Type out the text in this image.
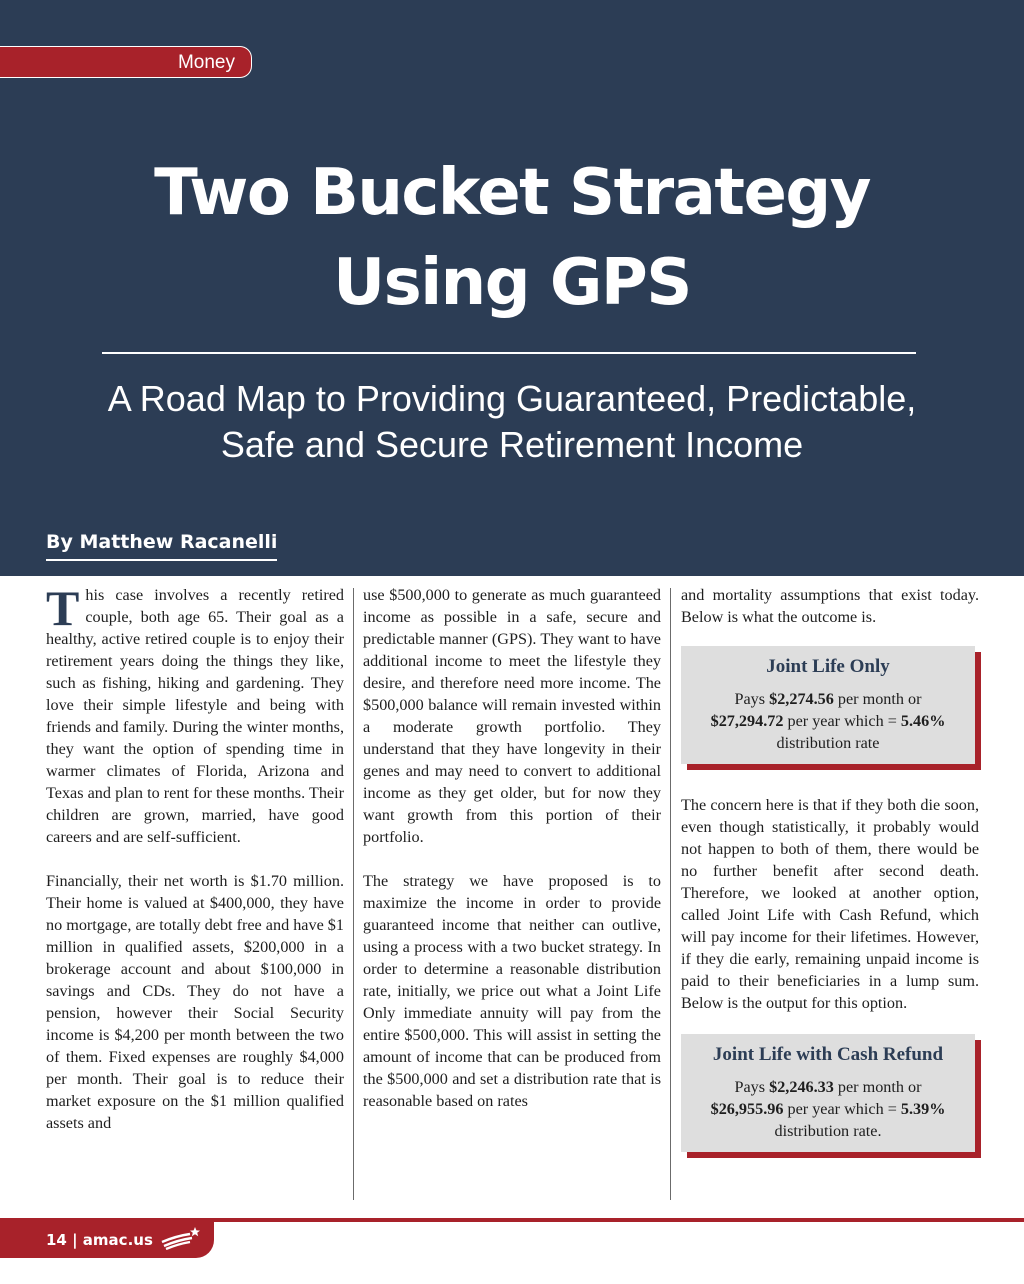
Money
Two Bucket Strategy
Using GPS
A Road Map to Providing Guaranteed, Predictable,
Safe and Secure Retirement Income
By Matthew Racanelli

This case involves a recently retired couple, both age 65. Their goal as a healthy, active retired couple is to enjoy their retirement years doing the things they like, such as fishing, hiking and gardening. They love their simple lifestyle and being with friends and family. During the winter months, they want the option of spending time in warmer climates of Florida, Arizona and Texas and plan to rent for these months. Their children are grown, married, have good careers and are self-sufficient.

Financially, their net worth is $1.70 million. Their home is valued at $400,000, they have no mortgage, are totally debt free and have $1 million in qualified assets, $200,000 in a brokerage account and about $100,000 in savings and CDs. They do not have a pension, however their Social Security income is $4,200 per month between the two of them. Fixed expenses are roughly $4,000 per month. Their goal is to reduce their market exposure on the $1 million qualified assets and

use $500,000 to generate as much guaranteed income as possible in a safe, secure and predictable manner (GPS). They want to have additional income to meet the lifestyle they desire, and therefore need more income. The $500,000 balance will remain invested within a moderate growth portfolio. They understand that they have longevity in their genes and may need to convert to additional income as they get older, but for now they want growth from this portion of their portfolio.

The strategy we have proposed is to maximize the income in order to provide guaranteed income that neither can outlive, using a process with a two bucket strategy. In order to determine a reasonable distribution rate, initially, we price out what a Joint Life Only immediate annuity will pay from the entire $500,000. This will assist in setting the amount of income that can be produced from the $500,000 and set a distribution rate that is reasonable based on rates

and mortality assumptions that exist today. Below is what the outcome is.

Joint Life Only
Pays $2,274.56 per month or
$27,294.72 per year which = 5.46%
distribution rate

The concern here is that if they both die soon, even though statistically, it probably would not happen to both of them, there would be no further benefit after second death. Therefore, we looked at another option, called Joint Life with Cash Refund, which will pay income for their lifetimes. However, if they die early, remaining unpaid income is paid to their beneficiaries in a lump sum. Below is the output for this option.

Joint Life with Cash Refund
Pays $2,246.33 per month or
$26,955.96 per year which = 5.39%
distribution rate.
14 | amac.us
